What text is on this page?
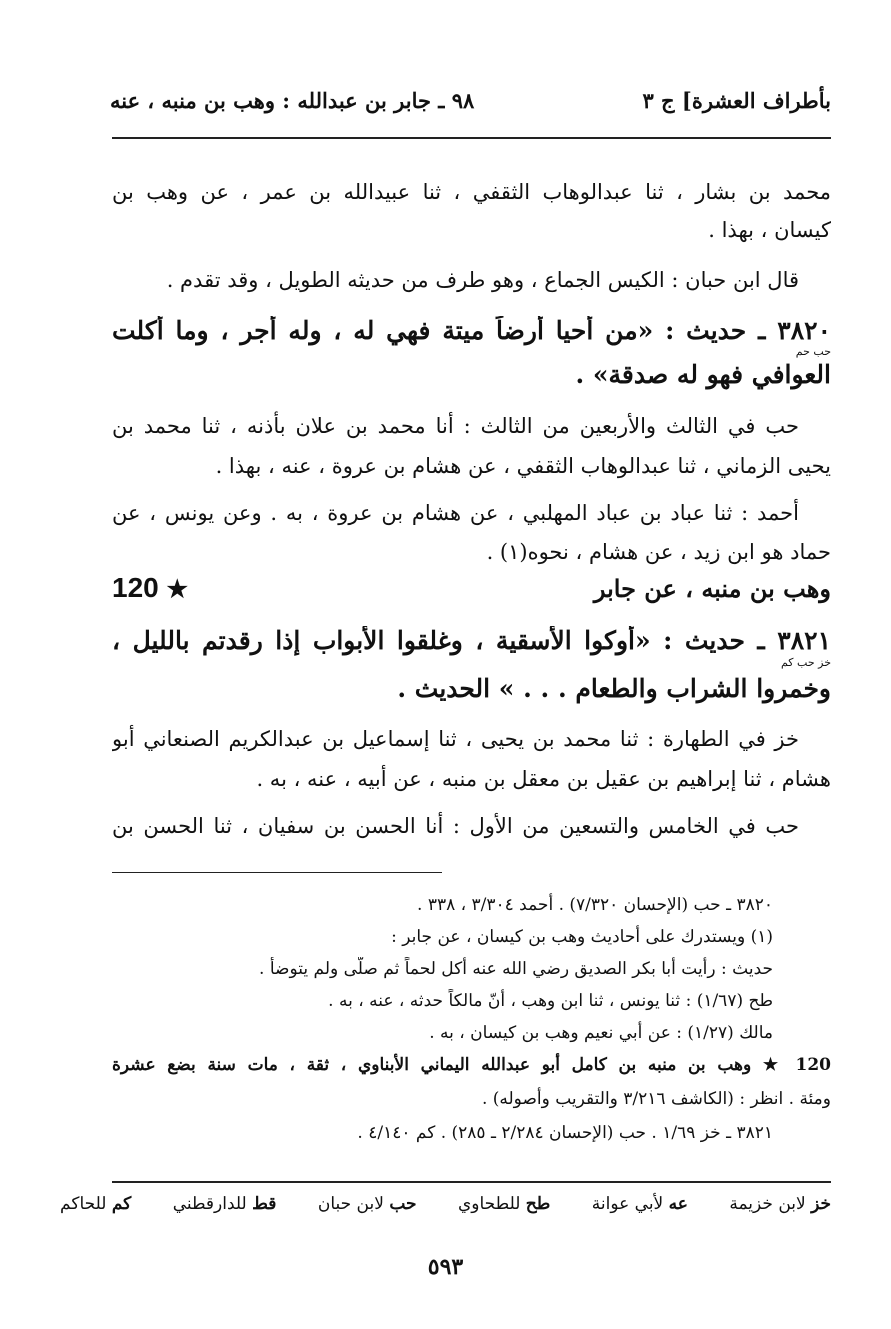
بأطراف العشرة] ج ٣
٩٨ ـ جابر بن عبدالله : وهب بن منبه ، عنه
محمد بن بشار ، ثنا عبدالوهاب الثقفي ، ثنا عبيدالله بن عمر ، عن وهب بن
كيسان ، بهذا .
قال ابن حبان : الكيس الجماع ، وهو طرف من حديثه الطويل ، وقد تقدم .
٣٨٢٠ ـ حديث : «من أحيا أرضاً ميتة فهي له ، وله أجر ، وما أكلت
حب حم
العوافي فهو له صدقة» .
حب في الثالث والأربعين من الثالث : أنا محمد بن علان بأذنه ، ثنا محمد بن
يحيى الزماني ، ثنا عبدالوهاب الثقفي ، عن هشام بن عروة ، عنه ، بهذا .
أحمد : ثنا عباد بن عباد المهلبي ، عن هشام بن عروة ، به . وعن يونس ، عن
حماد هو ابن زيد ، عن هشام ، نحوه(١) .
120 ★	وهب بن منبه ، عن جابر
٣٨٢١ ـ حديث : «أوكوا الأسقية ، وغلقوا الأبواب إذا رقدتم بالليل ،
خز حب كم
وخمروا الشراب والطعام . . . » الحديث .
خز في الطهارة : ثنا محمد بن يحيى ، ثنا إسماعيل بن عبدالكريم الصنعاني أبو
هشام ، ثنا إبراهيم بن عقيل بن معقل بن منبه ، عن أبيه ، عنه ، به .
حب في الخامس والتسعين من الأول : أنا الحسن بن سفيان ، ثنا الحسن بن
٣٨٢٠ ـ حب (الإحسان ٧/٣٢٠) . أحمد ٣/٣٠٤ ، ٣٣٨ .
(١) ويستدرك على أحاديث وهب بن كيسان ، عن جابر :
حديث : رأيت أبا بكر الصديق رضي الله عنه أكل لحماً ثم صلّى ولم يتوضأ .
طح (١/٦٧) : ثنا يونس ، ثنا ابن وهب ، أنّ مالكاً حدثه ، عنه ، به .
مالك (١/٢٧) : عن أبي نعيم وهب بن كيسان ، به .
120 ★ وهب بن منبه بن كامل أبو عبدالله اليماني الأبناوي ، ثقة ، مات سنة بضع عشرة
ومئة . انظر : (الكاشف ٣/٢١٦ والتقريب وأصوله) .
٣٨٢١ ـ خز ١/٦٩ . حب (الإحسان ٢/٢٨٤ ـ ٢٨٥) . كم ٤/١٤٠ .
خز لابن خزيمة
عه لأبي عوانة
طح للطحاوي
حب لابن حبان
قط للدارقطني
كم للحاكم
٥٩٣
